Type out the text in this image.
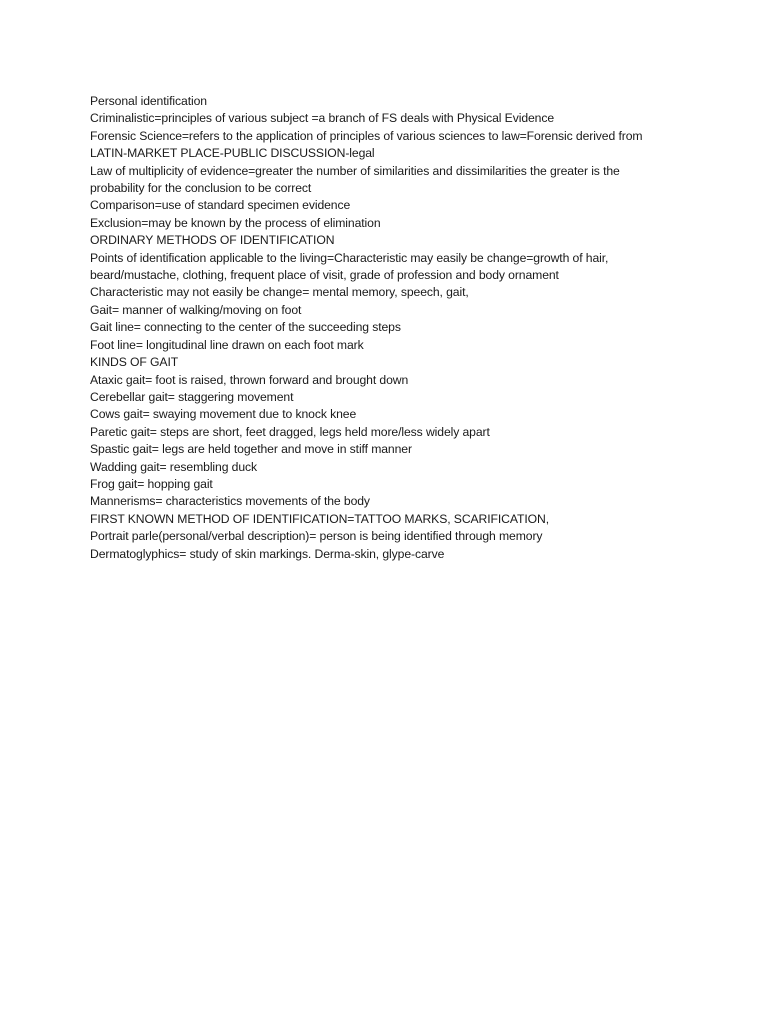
Personal identification
Criminalistic=principles of various subject =a branch of FS deals with Physical Evidence
Forensic Science=refers to the application of principles of various sciences to law=Forensic derived from
LATIN-MARKET PLACE-PUBLIC DISCUSSION-legal
Law of multiplicity of evidence=greater the number of similarities and dissimilarities the greater is the
probability for the conclusion to be correct
Comparison=use of standard specimen evidence
Exclusion=may be known by the process of elimination
ORDINARY METHODS OF IDENTIFICATION
Points of identification applicable to the living=Characteristic may easily be change=growth of hair,
beard/mustache, clothing, frequent place of visit, grade of profession and body ornament
Characteristic may not easily be change= mental memory, speech, gait,
Gait= manner of walking/moving on foot
Gait line= connecting to the center of the succeeding steps
Foot line= longitudinal line drawn on each foot mark
KINDS OF GAIT
Ataxic gait= foot is raised, thrown forward and brought down
Cerebellar gait= staggering movement
Cows gait= swaying movement due to knock knee
Paretic gait= steps are short, feet dragged, legs held more/less widely apart
Spastic gait= legs are held together and move in stiff manner
Wadding gait= resembling duck
Frog gait= hopping gait
Mannerisms= characteristics movements of the body
FIRST KNOWN METHOD OF IDENTIFICATION=TATTOO MARKS, SCARIFICATION,
Portrait parle(personal/verbal description)= person is being identified through memory
Dermatoglyphics= study of skin markings. Derma-skin, glype-carve
